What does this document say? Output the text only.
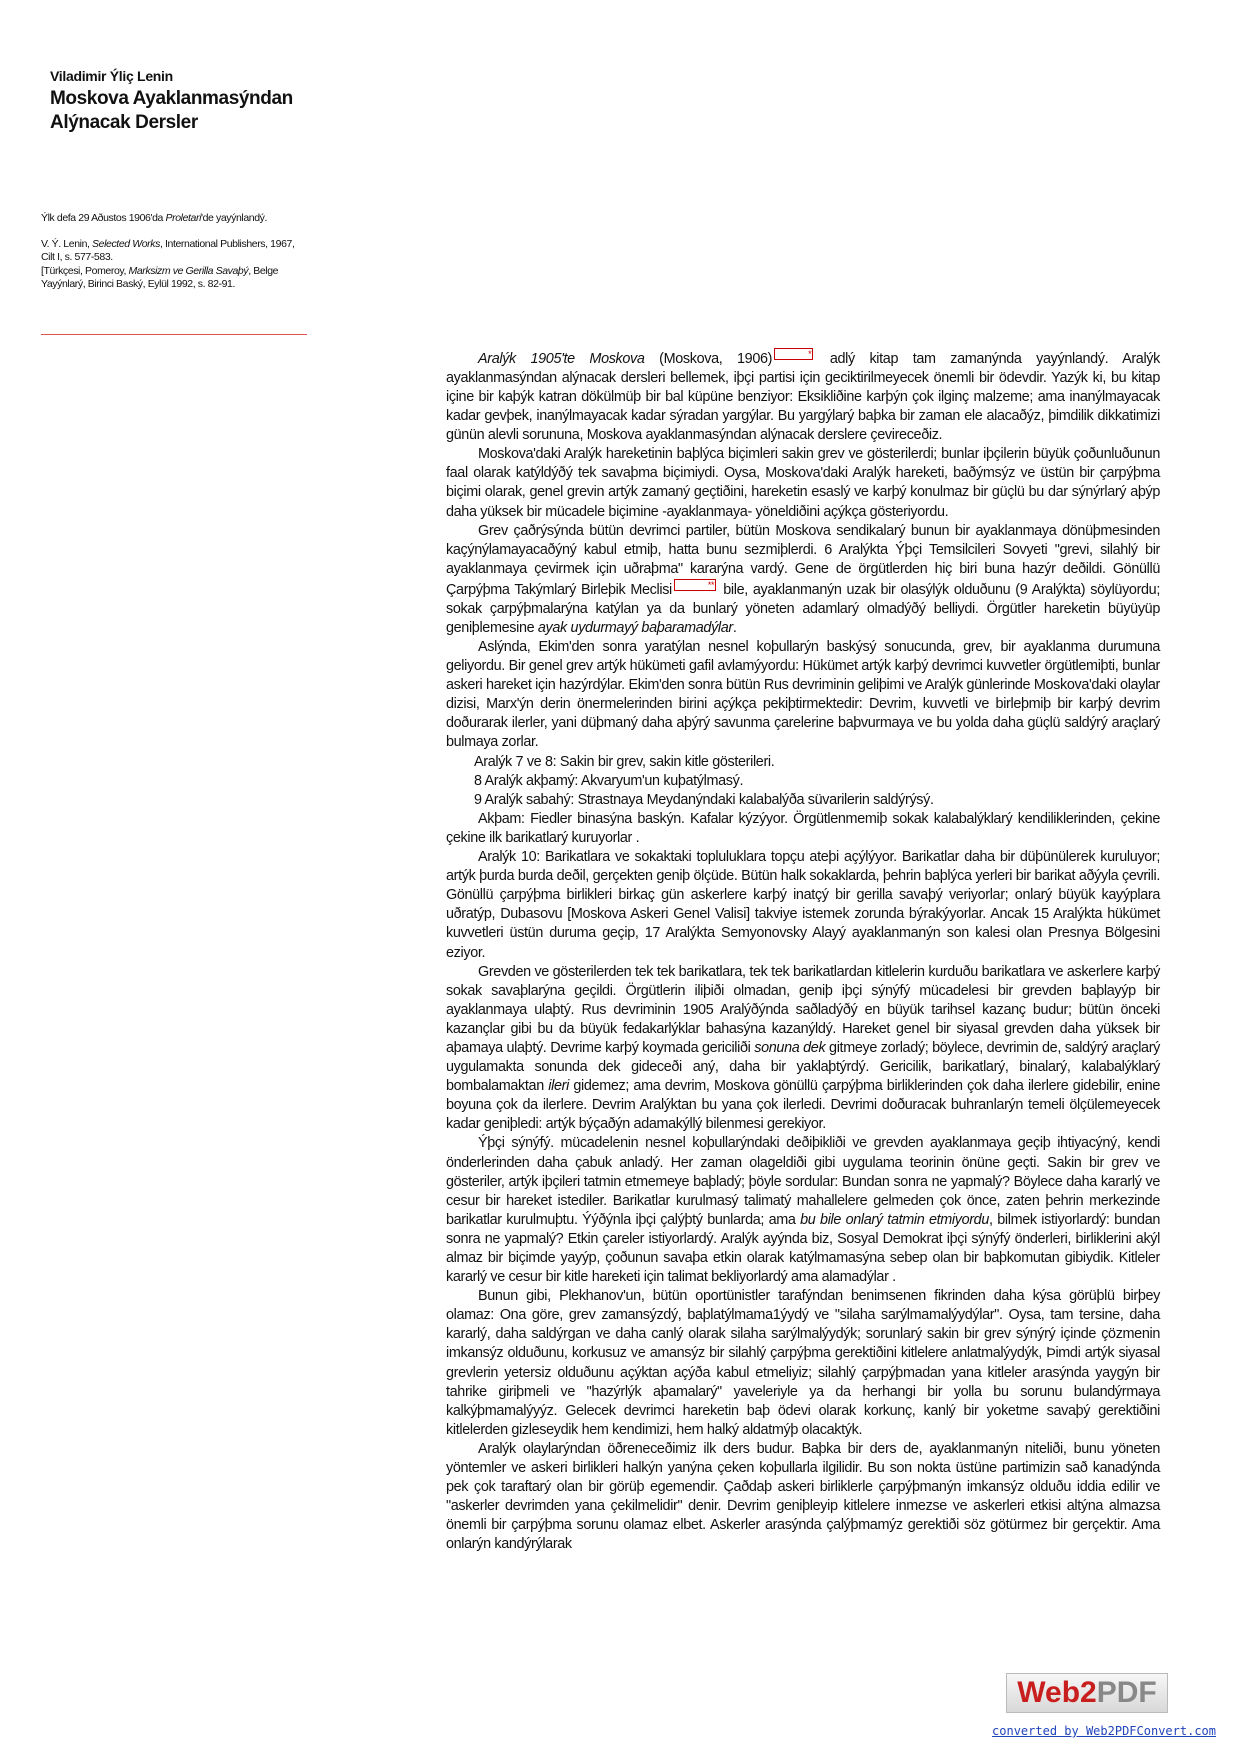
Viladimir Ýliç Lenin
Moskova Ayaklanmasýndan
Alýnacak Dersler

Ýlk defa 29 Aðustos 1906'da Proletari'de yayýnlandý.

V. Ý. Lenin, Selected Works, International Publishers, 1967, Cilt I, s. 577-583.
[Türkçesi, Pomeroy, Marksizm ve Gerilla Savaþý, Belge Yayýnlarý, Birinci Baský, Eylül 1992, s. 82-91.

Aralýk 1905'te Moskova (Moskova, 1906)	* adlý kitap tam zamanýnda yayýnlandý. Aralýk ayaklanmasýndan alýnacak dersleri bellemek, iþçi partisi için geciktirilmeyecek önemli bir ödevdir. Yazýk ki, bu kitap içine bir kaþýk katran dökülmüþ bir bal küpüne benziyor: Eksikliðine karþýn çok ilginç malzeme; ama inanýlmayacak kadar gevþek, inanýlmayacak kadar sýradan yargýlar. Bu yargýlarý baþka bir zaman ele alacaðýz, þimdilik dikkatimizi günün alevli sorununa, Moskova ayaklanmasýndan alýnacak derslere çevireceðiz.

Moskova'daki Aralýk hareketinin baþlýca biçimleri sakin grev ve gösterilerdi; bunlar iþçilerin büyük çoðunluðunun faal olarak katýldýðý tek savaþma biçimiydi. Oysa, Moskova'daki Aralýk hareketi, baðýmsýz ve üstün bir çarpýþma biçimi olarak, genel grevin artýk zamaný geçtiðini, hareketin esaslý ve karþý konulmaz bir güçlü bu dar sýnýrlarý aþýp daha yüksek bir mücadele biçimine -ayaklanmaya- yöneldiðini açýkça gösteriyordu.

Grev çaðrýsýnda bütün devrimci partiler, bütün Moskova sendikalarý bunun bir ayaklanmaya dönüþmesinden kaçýnýlamayacaðýný kabul etmiþ, hatta bunu sezmiþlerdi. 6 Aralýkta Ýþçi Temsilcileri Sovyeti "grevi, silahlý bir ayaklanmaya çevirmek için uðraþma" kararýna vardý. Gene de örgütlerden hiç biri buna hazýr deðildi. Gönüllü Çarpýþma Takýmlarý Birleþik Meclisi	** bile, ayaklanmanýn uzak bir olasýlýk olduðunu (9 Aralýkta) söylüyordu; sokak çarpýþmalarýna katýlan ya da bunlarý yöneten adamlarý olmadýðý belliydi. Örgütler hareketin büyüyüp geniþlemesine ayak uydurmayý baþaramadýlar.

Aslýnda, Ekim'den sonra yaratýlan nesnel koþullarýn baskýsý sonucunda, grev, bir ayaklanma durumuna geliyordu. Bir genel grev artýk hükümeti gafil avlamýyordu: Hükümet artýk karþý devrimci kuvvetler örgütlemiþti, bunlar askeri hareket için hazýrdýlar. Ekim'den sonra bütün Rus devriminin geliþimi ve Aralýk günlerinde Moskova'daki olaylar dizisi, Marx'ýn derin önermelerinden birini açýkça pekiþtirmektedir: Devrim, kuvvetli ve birleþmiþ bir karþý devrim doðurarak ilerler, yani düþmaný daha aþýrý savunma çarelerine baþvurmaya ve bu yolda daha güçlü saldýrý araçlarý bulmaya zorlar.

Aralýk 7 ve 8: Sakin bir grev, sakin kitle gösterileri.

8 Aralýk akþamý: Akvaryum'un kuþatýlmasý.

9 Aralýk sabahý: Strastnaya Meydanýndaki kalabalýða süvarilerin saldýrýsý.

Akþam: Fiedler binasýna baskýn. Kafalar kýzýyor. Örgütlenmemiþ sokak kalabalýklarý kendiliklerinden, çekine çekine ilk barikatlarý kuruyorlar .

Aralýk 10: Barikatlara ve sokaktaki topluluklara topçu ateþi açýlýyor. Barikatlar daha bir düþünülerek kuruluyor; artýk þurda burda deðil, gerçekten geniþ ölçüde. Bütün halk sokaklarda, þehrin baþlýca yerleri bir barikat aðýyla çevrili. Gönüllü çarpýþma birlikleri birkaç gün askerlere karþý inatçý bir gerilla savaþý veriyorlar; onlarý büyük kayýplara uðratýp, Dubasovu [Moskova Askeri Genel Valisi] takviye istemek zorunda býrakýyorlar. Ancak 15 Aralýkta hükümet kuvvetleri üstün duruma geçip, 17 Aralýkta Semyonovsky Alayý ayaklanmanýn son kalesi olan Presnya Bölgesini eziyor.

Grevden ve gösterilerden tek tek barikatlara, tek tek barikatlardan kitlelerin kurduðu barikatlara ve askerlere karþý sokak savaþlarýna geçildi. Örgütlerin iliþiði olmadan, geniþ iþçi sýnýfý mücadelesi bir grevden baþlayýp bir ayaklanmaya ulaþtý. Rus devriminin 1905 Aralýðýnda saðladýðý en büyük tarihsel kazanç budur; bütün önceki kazançlar gibi bu da büyük fedakarlýklar bahasýna kazanýldý. Hareket genel bir siyasal grevden daha yüksek bir aþamaya ulaþtý. Devrime karþý koymada gericiliði sonuna dek gitmeye zorladý; böylece, devrimin de, saldýrý araçlarý uygulamakta sonunda dek gideceði aný, daha bir yaklaþtýrdý. Gericilik, barikatlarý, binalarý, kalabalýklarý bombalamaktan ileri gidemez; ama devrim, Moskova gönüllü çarpýþma birliklerinden çok daha ilerlere gidebilir, enine boyuna çok da ilerlere. Devrim Aralýktan bu yana çok ilerledi. Devrimi doðuracak buhranlarýn temeli ölçülemeyecek kadar geniþledi: artýk býçaðýn adamakýllý bilenmesi gerekiyor.

Ýþçi sýnýfý. mücadelenin nesnel koþullarýndaki deðiþikliði ve grevden ayaklanmaya geçiþ ihtiyacýný, kendi önderlerinden daha çabuk anladý. Her zaman olageldiði gibi uygulama teorinin önüne geçti. Sakin bir grev ve gösteriler, artýk iþçileri tatmin etmemeye baþladý; þöyle sordular: Bundan sonra ne yapmalý? Böylece daha kararlý ve cesur bir hareket istediler. Barikatlar kurulmasý talimatý mahallelere gelmeden çok önce, zaten þehrin merkezinde barikatlar kurulmuþtu. Ýýðýnla iþçi çalýþtý bunlarda; ama bu bile onlarý tatmin etmiyordu, bilmek istiyorlardý: bundan sonra ne yapmalý? Etkin çareler istiyorlardý. Aralýk ayýnda biz, Sosyal Demokrat iþçi sýnýfý önderleri, birliklerini akýl almaz bir biçimde yayýp, çoðunun savaþa etkin olarak katýlmamasýna sebep olan bir baþkomutan gibiydik. Kitleler kararlý ve cesur bir kitle hareketi için talimat bekliyorlardý ama alamadýlar .

Bunun gibi, Plekhanov'un, bütün oportünistler tarafýndan benimsenen fikrinden daha kýsa görüþlü birþey olamaz: Ona göre, grev zamansýzdý, baþlatýlmama1ýydý ve "silaha sarýlmamalýydýlar". Oysa, tam tersine, daha kararlý, daha saldýrgan ve daha canlý olarak silaha sarýlmalýydýk; sorunlarý sakin bir grev sýnýrý içinde çözmenin imkansýz olduðunu, korkusuz ve amansýz bir silahlý çarpýþma gerektiðini kitlelere anlatmalýydýk, Þimdi artýk siyasal grevlerin yetersiz olduðunu açýktan açýða kabul etmeliyiz; silahlý çarpýþmadan yana kitleler arasýnda yaygýn bir tahrike giriþmeli ve "hazýrlýk aþamalarý" yaveleriyle ya da herhangi bir yolla bu sorunu bulandýrmaya kalkýþmamalýyýz. Gelecek devrimci hareketin baþ ödevi olarak korkunç, kanlý bir yoketme savaþý gerektiðini kitlelerden gizleseydik hem kendimizi, hem halký aldatmýþ olacaktýk.

Aralýk olaylarýndan öðreneceðimiz ilk ders budur. Baþka bir ders de, ayaklanmanýn niteliði, bunu yöneten yöntemler ve askeri birlikleri halkýn yanýna çeken koþullarla ilgilidir. Bu son nokta üstüne partimizin sað kanadýnda pek çok taraftarý olan bir görüþ egemendir. Çaðdaþ askeri birliklerle çarpýþmanýn imkansýz olduðu iddia edilir ve "askerler devrimden yana çekilmelidir" denir. Devrim geniþleyip kitlelere inmezse ve askerleri etkisi altýna almazsa önemli bir çarpýþma sorunu olamaz elbet. Askerler arasýnda çalýþmamýz gerektiði söz götürmez bir gerçektir. Ama onlarýn kandýrýlarak

Web2PDF
converted by Web2PDFConvert.com
